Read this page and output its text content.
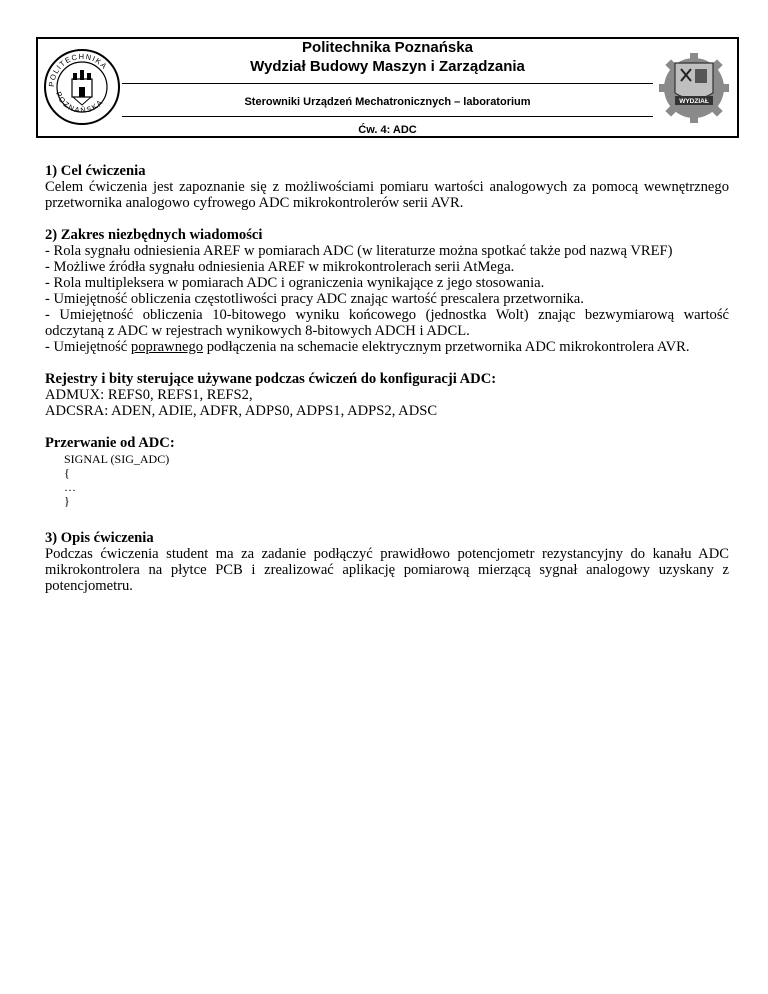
POLITECHNIKA
POZNAŃSKA	WYDZIAŁ
Politechnika Poznańska
Wydział Budowy Maszyn i Zarządzania
Sterowniki Urządzeń Mechatronicznych – laboratorium
Ćw. 4: ADC
1) Cel ćwiczenia
Celem ćwiczenia jest zapoznanie się z możliwościami pomiaru wartości analogowych za pomocą wewnętrznego przetwornika analogowo cyfrowego ADC mikrokontrolerów serii AVR.
2) Zakres niezbędnych wiadomości
- Rola sygnału odniesienia AREF w pomiarach ADC (w literaturze można spotkać także pod nazwą VREF)
- Możliwe źródła sygnału odniesienia AREF w mikrokontrolerach serii AtMega.
- Rola multipleksera w pomiarach ADC i ograniczenia wynikające z jego stosowania.
- Umiejętność obliczenia częstotliwości pracy ADC znając wartość prescalera przetwornika.
- Umiejętność obliczenia 10-bitowego wyniku końcowego (jednostka Wolt) znając bezwymiarową wartość odczytaną z ADC w rejestrach wynikowych 8-bitowych ADCH i ADCL.
- Umiejętność poprawnego podłączenia na schemacie elektrycznym przetwornika ADC mikrokontrolera AVR.
Rejestry i bity sterujące używane podczas ćwiczeń do konfiguracji ADC:
ADMUX: REFS0, REFS1, REFS2,
ADCSRA: ADEN, ADIE, ADFR, ADPS0, ADPS1, ADPS2, ADSC
Przerwanie od ADC:
SIGNAL (SIG_ADC)
{
…
}
3) Opis ćwiczenia
Podczas ćwiczenia student ma za zadanie podłączyć prawidłowo potencjometr rezystancyjny do kanału ADC mikrokontrolera na płytce PCB i zrealizować aplikację pomiarową mierzącą sygnał analogowy uzyskany z potencjometru.
